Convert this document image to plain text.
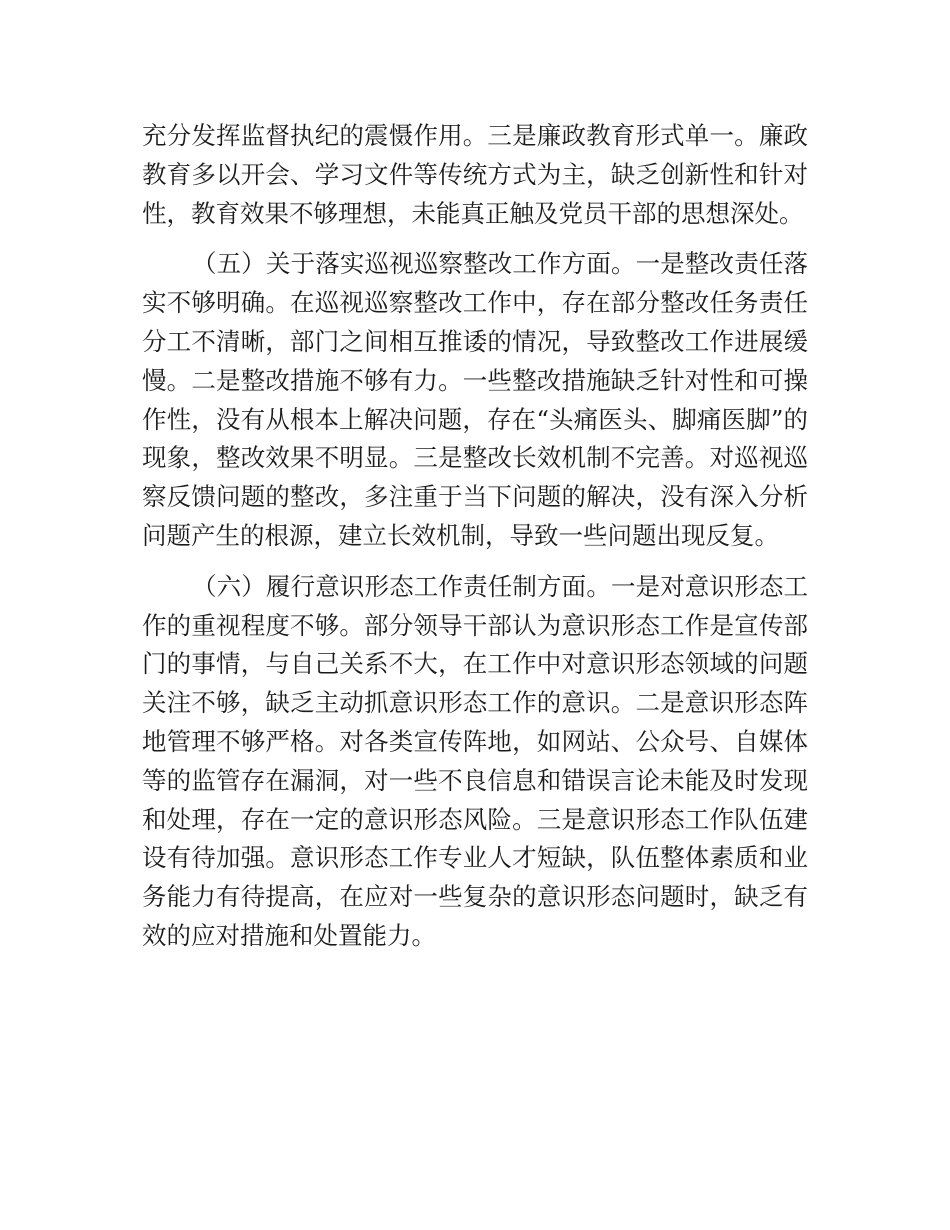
充分发挥监督执纪的震慑作用。三是廉政教育形式单一。廉政教育多以开会、学习文件等传统方式为主，缺乏创新性和针对性，教育效果不够理想，未能真正触及党员干部的思想深处。

（五）关于落实巡视巡察整改工作方面。一是整改责任落实不够明确。在巡视巡察整改工作中，存在部分整改任务责任分工不清晰，部门之间相互推诿的情况，导致整改工作进展缓慢。二是整改措施不够有力。一些整改措施缺乏针对性和可操作性，没有从根本上解决问题，存在“头痛医头、脚痛医脚”的现象，整改效果不明显。三是整改长效机制不完善。对巡视巡察反馈问题的整改，多注重于当下问题的解决，没有深入分析问题产生的根源，建立长效机制，导致一些问题出现反复。

（六）履行意识形态工作责任制方面。一是对意识形态工作的重视程度不够。部分领导干部认为意识形态工作是宣传部门的事情，与自己关系不大，在工作中对意识形态领域的问题关注不够，缺乏主动抓意识形态工作的意识。二是意识形态阵地管理不够严格。对各类宣传阵地，如网站、公众号、自媒体等的监管存在漏洞，对一些不良信息和错误言论未能及时发现和处理，存在一定的意识形态风险。三是意识形态工作队伍建设有待加强。意识形态工作专业人才短缺，队伍整体素质和业务能力有待提高，在应对一些复杂的意识形态问题时，缺乏有效的应对措施和处置能力。
